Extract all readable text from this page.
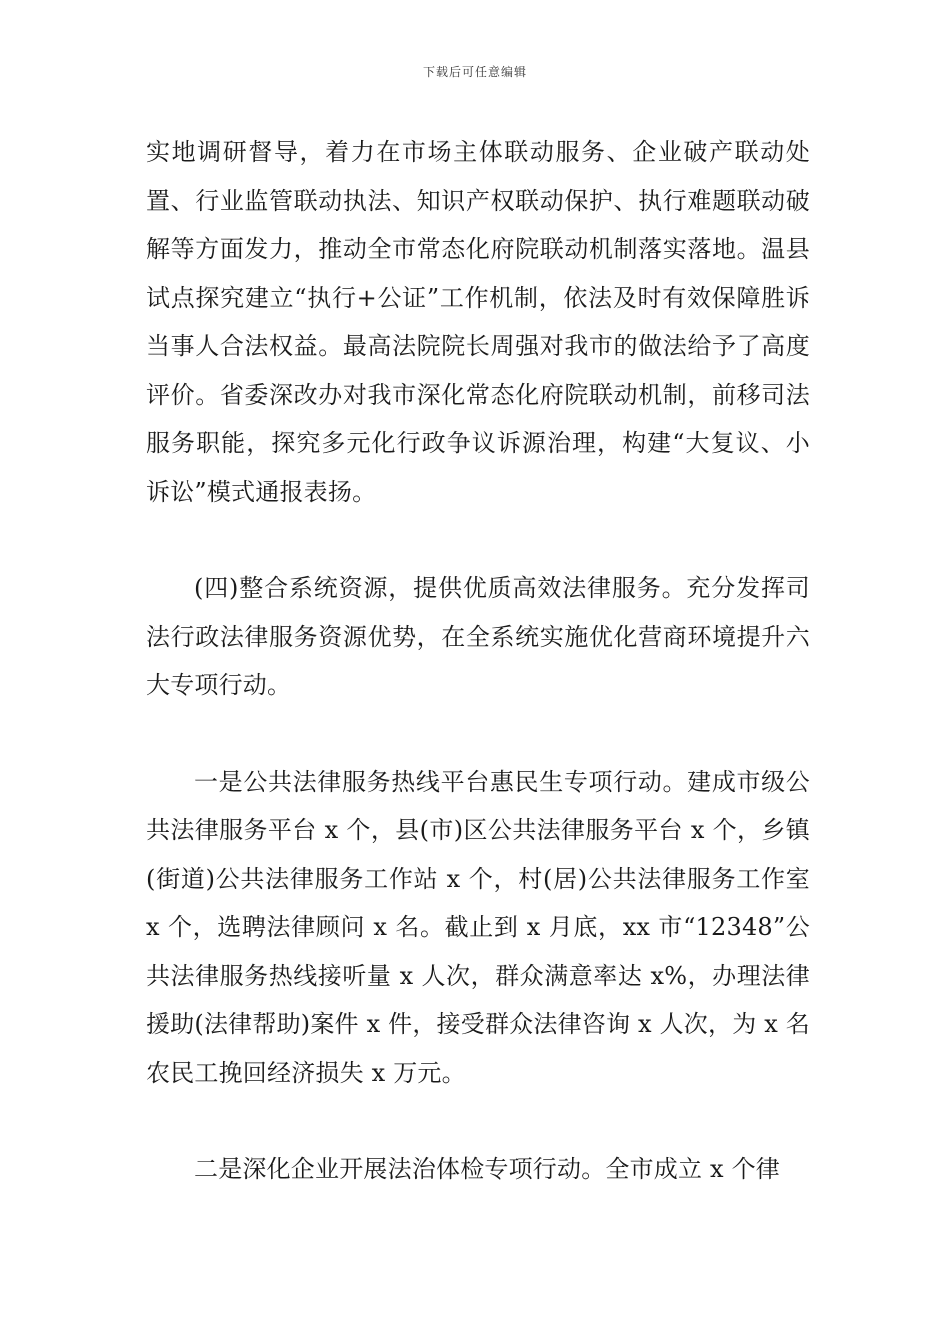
下载后可任意编辑

实地调研督导，着力在市场主体联动服务、企业破产联动处置、行业监管联动执法、知识产权联动保护、执行难题联动破解等方面发力，推动全市常态化府院联动机制落实落地。温县试点探究建立“执行+公证”工作机制，依法及时有效保障胜诉当事人合法权益。最高法院院长周强对我市的做法给予了高度评价。省委深改办对我市深化常态化府院联动机制，前移司法服务职能，探究多元化行政争议诉源治理，构建“大复议、小诉讼”模式通报表扬。

(四)整合系统资源，提供优质高效法律服务。充分发挥司法行政法律服务资源优势，在全系统实施优化营商环境提升六大专项行动。

一是公共法律服务热线平台惠民生专项行动。建成市级公共法律服务平台 x 个，县(市)区公共法律服务平台 x 个，乡镇(街道)公共法律服务工作站 x 个，村(居)公共法律服务工作室 x 个，选聘法律顾问 x 名。截止到 x 月底，xx 市“12348”公共法律服务热线接听量 x 人次，群众满意率达 x%，办理法律援助(法律帮助)案件 x 件，接受群众法律咨询 x 人次，为 x 名农民工挽回经济损失 x 万元。

二是深化企业开展法治体检专项行动。全市成立 x 个律
